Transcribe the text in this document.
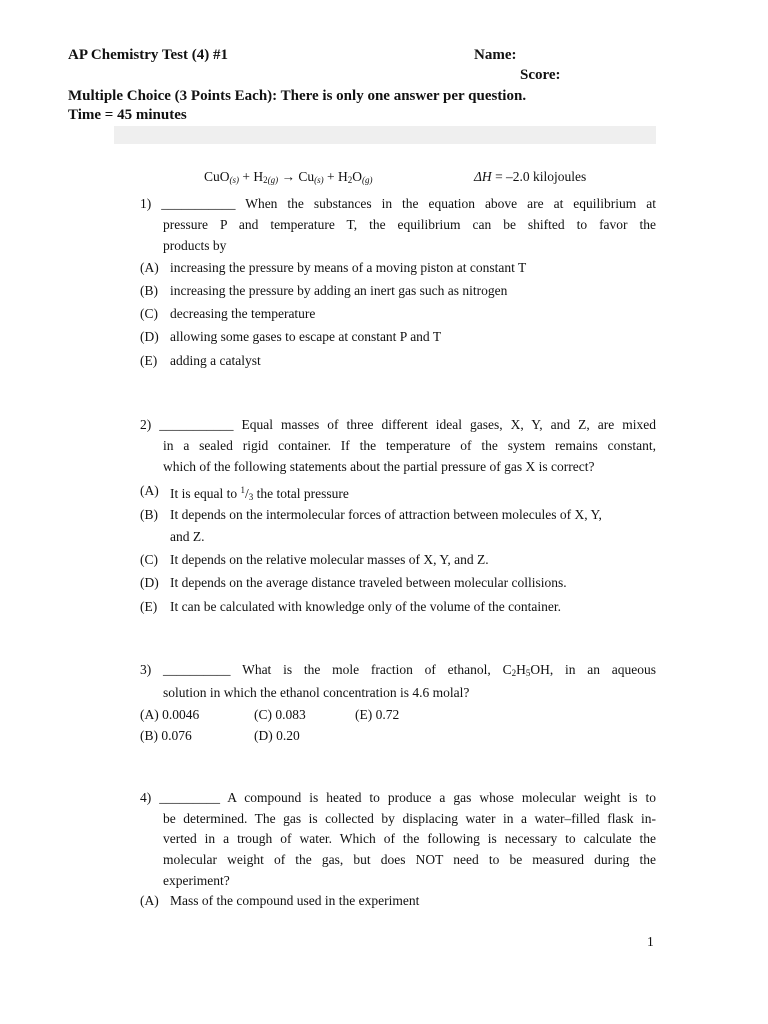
AP Chemistry Test (4) #1	Name:
Score:
Multiple Choice (3 Points Each): There is only one answer per question.
Time = 45 minutes
$CuO_{(s)} + H_{2(g)} \to Cu_{(s)} + H_2O_{(g)}$	ΔH = –2.0 kilojoules
1) ___________ When the substances in the equation above are at equilibrium at
pressure P and temperature T, the equilibrium can be shifted to favor the
products by
(A) increasing the pressure by means of a moving piston at constant T
(B) increasing the pressure by adding an inert gas such as nitrogen
(C) decreasing the temperature
(D) allowing some gases to escape at constant P and T
(E) adding a catalyst
2) ___________ Equal masses of three different ideal gases, X, Y, and Z, are mixed
in a sealed rigid container. If the temperature of the system remains constant,
which of the following statements about the partial pressure of gas X is correct?
(A) It is equal to $^1/_3$ the total pressure
(B) It depends on the intermolecular forces of attraction between molecules of X, Y,
and Z.
(C) It depends on the relative molecular masses of X, Y, and Z.
(D) It depends on the average distance traveled between molecular collisions.
(E) It can be calculated with knowledge only of the volume of the container.
3) __________ What is the mole fraction of ethanol, $C_2H_5OH$, in an aqueous
solution in which the ethanol concentration is 4.6 molal?
(A) 0.0046	(C) 0.083	(E) 0.72
(B) 0.076	(D) 0.20
4) _________ A compound is heated to produce a gas whose molecular weight is to
be determined. The gas is collected by displacing water in a water–filled flask in-
verted in a trough of water. Which of the following is necessary to calculate the
molecular weight of the gas, but does NOT need to be measured during the
experiment?
(A) Mass of the compound used in the experiment
1
